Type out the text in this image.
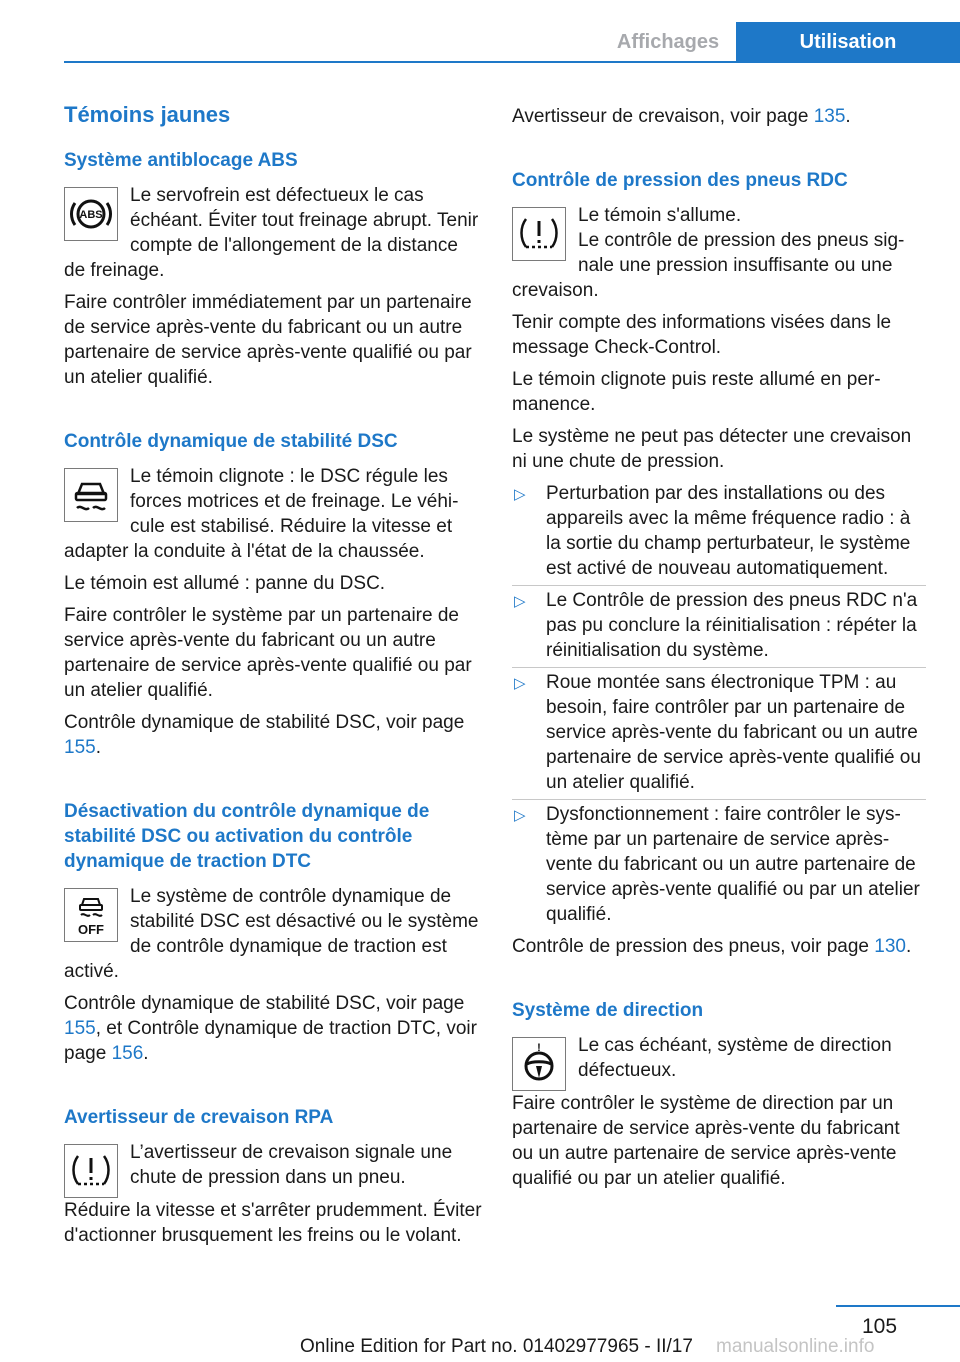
Affichages	Utilisation
Témoins jaunes
Système antiblocage ABS
ABS
Le servofrein est défectueux le cas échéant. Éviter tout freinage abrupt. Tenir compte de l'allongement de la distance de freinage.

Faire contrôler immédiatement par un partenaire de service après-vente du fabricant ou un autre partenaire de service après-vente qualifié ou par un atelier qualifié.

Contrôle dynamique de stabilité DSC
Le témoin clignote : le DSC régule les forces motrices et de freinage. Le véhicule est stabilisé. Réduire la vitesse et adapter la conduite à l'état de la chaussée.

Le témoin est allumé : panne du DSC.

Faire contrôler le système par un partenaire de service après-vente du fabricant ou un autre partenaire de service après-vente qualifié ou par un atelier qualifié.

Contrôle dynamique de stabilité DSC, voir page 155.

Désactivation du contrôle dynamique de stabilité DSC ou activation du contrôle dynamique de traction DTC
OFF
Le système de contrôle dynamique de stabilité DSC est désactivé ou le système de contrôle dynamique de traction est activé.

Contrôle dynamique de stabilité DSC, voir page 155, et Contrôle dynamique de traction DTC, voir page 156.

Avertisseur de crevaison RPA
L’avertisseur de crevaison signale une chute de pression dans un pneu.

Réduire la vitesse et s'arrêter prudemment. Éviter d'actionner brusquement les freins ou le volant.

Avertisseur de crevaison, voir page 135.

Contrôle de pression des pneus RDC
Le témoin s'allume.
Le contrôle de pression des pneus signale une pression insuffisante ou une crevaison.

Tenir compte des informations visées dans le message Check-Control.

Le témoin clignote puis reste allumé en permanence.

Le système ne peut pas détecter une crevaison ni une chute de pression.

▷ Perturbation par des installations ou des appareils avec la même fréquence radio : à la sortie du champ perturbateur, le système est activé de nouveau automatiquement.
▷ Le Contrôle de pression des pneus RDC n'a pas pu conclure la réinitialisation : répéter la réinitialisation du système.
▷ Roue montée sans électronique TPM : au besoin, faire contrôler par un partenaire de service après-vente du fabricant ou un autre partenaire de service après-vente qualifié ou un atelier qualifié.
▷ Dysfonctionnement : faire contrôler le système par un partenaire de service après-vente du fabricant ou un autre partenaire de service après-vente qualifié ou par un atelier qualifié.

Contrôle de pression des pneus, voir page 130.

Système de direction
! Le cas échéant, système de direction défectueux.

Faire contrôler le système de direction par un partenaire de service après-vente du fabricant ou un autre partenaire de service après-vente qualifié ou par un atelier qualifié.

105
Online Edition for Part no. 01402977965 - II/17	manualsonline.info
